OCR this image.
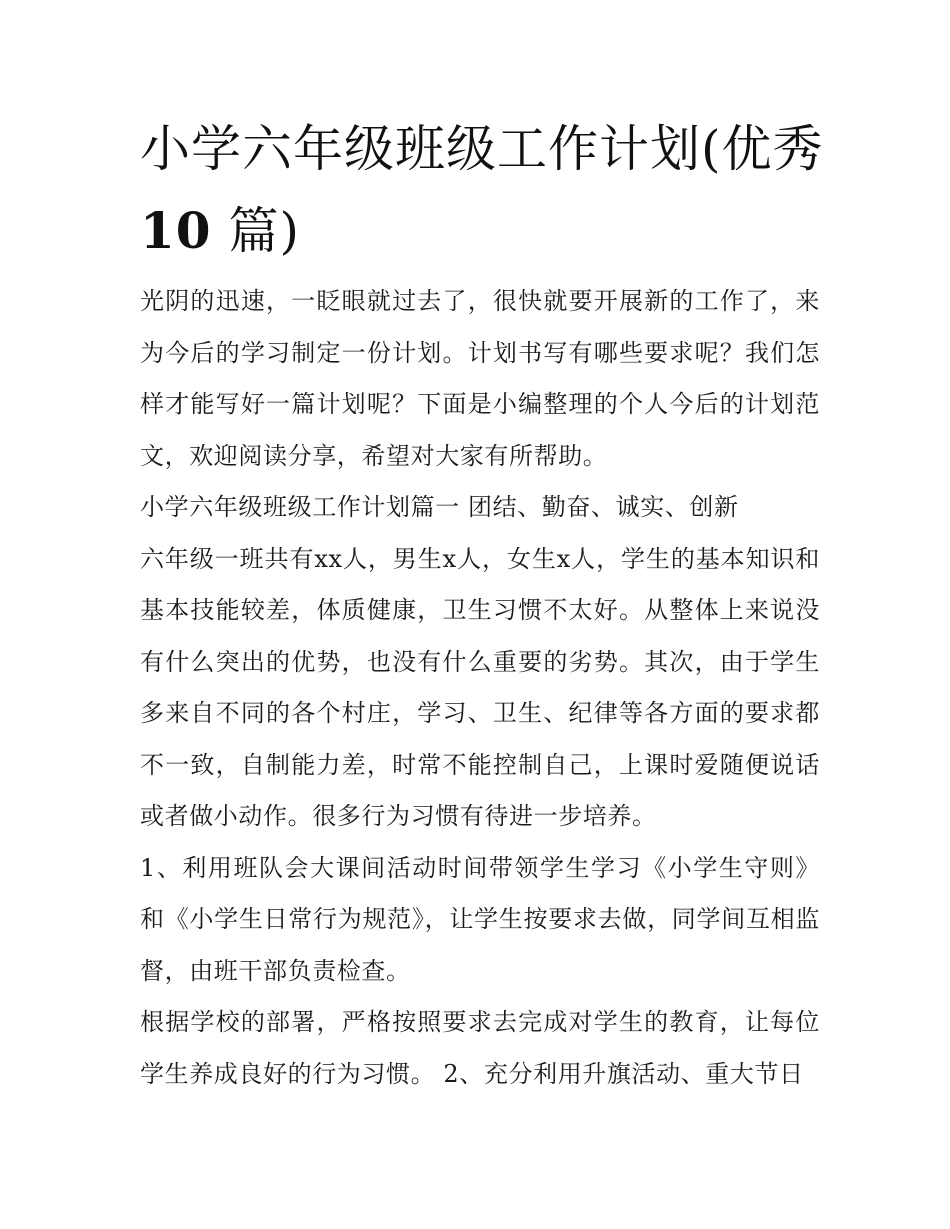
小学六年级班级工作计划(优秀
10 篇)

光阴的迅速，一眨眼就过去了，很快就要开展新的工作了，来为今后的学习制定一份计划。计划书写有哪些要求呢？我们怎样才能写好一篇计划呢？下面是小编整理的个人今后的计划范文，欢迎阅读分享，希望对大家有所帮助。

小学六年级班级工作计划篇一 团结、勤奋、诚实、创新

六年级一班共有xx人，男生x人，女生x人，学生的基本知识和基本技能较差，体质健康，卫生习惯不太好。从整体上来说没有什么突出的优势，也没有什么重要的劣势。其次，由于学生多来自不同的各个村庄，学习、卫生、纪律等各方面的要求都不一致，自制能力差，时常不能控制自己，上课时爱随便说话或者做小动作。很多行为习惯有待进一步培养。

1、利用班队会大课间活动时间带领学生学习《小学生守则》和《小学生日常行为规范》，让学生按要求去做，同学间互相监督，由班干部负责检查。

根据学校的部署，严格按照要求去完成对学生的教育，让每位学生养成良好的行为习惯。 2、充分利用升旗活动、重大节日
